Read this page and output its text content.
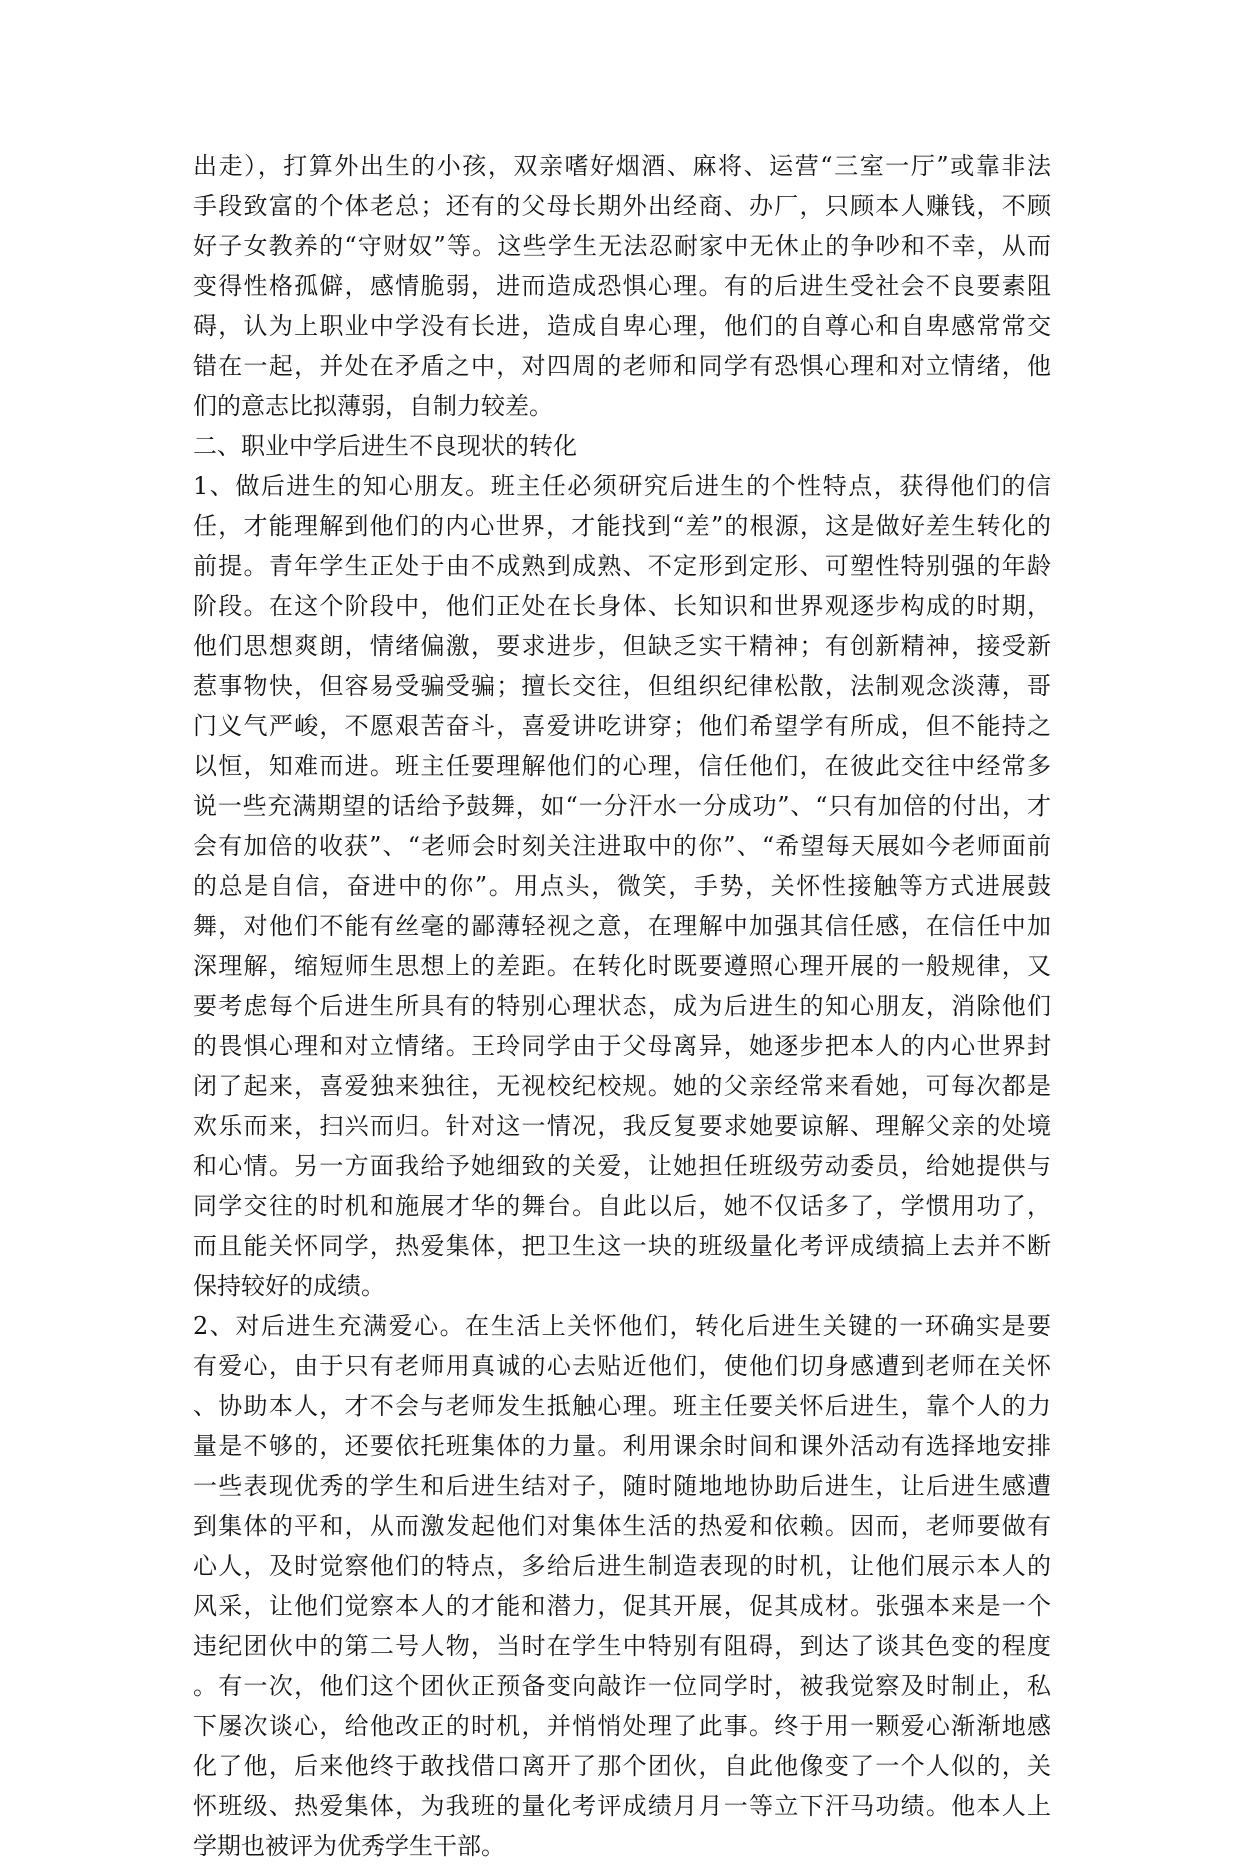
出走），打算外出生的小孩，双亲嗜好烟酒、麻将、运营“三室一厅”或靠非法
手段致富的个体老总；还有的父母长期外出经商、办厂，只顾本人赚钱，不顾
好子女教养的“守财奴”等。这些学生无法忍耐家中无休止的争吵和不幸，从而
变得性格孤僻，感情脆弱，进而造成恐惧心理。有的后进生受社会不良要素阻
碍，认为上职业中学没有长进，造成自卑心理，他们的自尊心和自卑感常常交
错在一起，并处在矛盾之中，对四周的老师和同学有恐惧心理和对立情绪，他
们的意志比拟薄弱，自制力较差。
二、职业中学后进生不良现状的转化
1、做后进生的知心朋友。班主任必须研究后进生的个性特点，获得他们的信
任，才能理解到他们的内心世界，才能找到“差”的根源，这是做好差生转化的
前提。青年学生正处于由不成熟到成熟、不定形到定形、可塑性特别强的年龄
阶段。在这个阶段中，他们正处在长身体、长知识和世界观逐步构成的时期，
他们思想爽朗，情绪偏激，要求进步，但缺乏实干精神；有创新精神，接受新
惹事物快，但容易受骗受骗；擅长交往，但组织纪律松散，法制观念淡薄，哥
门义气严峻，不愿艰苦奋斗，喜爱讲吃讲穿；他们希望学有所成，但不能持之
以恒，知难而进。班主任要理解他们的心理，信任他们，在彼此交往中经常多
说一些充满期望的话给予鼓舞，如“一分汗水一分成功”、“只有加倍的付出，才
会有加倍的收获”、“老师会时刻关注进取中的你”、“希望每天展如今老师面前
的总是自信，奋进中的你”。用点头，微笑，手势，关怀性接触等方式进展鼓
舞，对他们不能有丝毫的鄙薄轻视之意，在理解中加强其信任感，在信任中加
深理解，缩短师生思想上的差距。在转化时既要遵照心理开展的一般规律，又
要考虑每个后进生所具有的特别心理状态，成为后进生的知心朋友，消除他们
的畏惧心理和对立情绪。王玲同学由于父母离异，她逐步把本人的内心世界封
闭了起来，喜爱独来独往，无视校纪校规。她的父亲经常来看她，可每次都是
欢乐而来，扫兴而归。针对这一情况，我反复要求她要谅解、理解父亲的处境
和心情。另一方面我给予她细致的关爱，让她担任班级劳动委员，给她提供与
同学交往的时机和施展才华的舞台。自此以后，她不仅话多了，学惯用功了，
而且能关怀同学，热爱集体，把卫生这一块的班级量化考评成绩搞上去并不断
保持较好的成绩。
2、对后进生充满爱心。在生活上关怀他们，转化后进生关键的一环确实是要
有爱心，由于只有老师用真诚的心去贴近他们，使他们切身感遭到老师在关怀
、协助本人，才不会与老师发生抵触心理。班主任要关怀后进生，靠个人的力
量是不够的，还要依托班集体的力量。利用课余时间和课外活动有选择地安排
一些表现优秀的学生和后进生结对子，随时随地地协助后进生，让后进生感遭
到集体的平和，从而激发起他们对集体生活的热爱和依赖。因而，老师要做有
心人，及时觉察他们的特点，多给后进生制造表现的时机，让他们展示本人的
风采，让他们觉察本人的才能和潜力，促其开展，促其成材。张强本来是一个
违纪团伙中的第二号人物，当时在学生中特别有阻碍，到达了谈其色变的程度
。有一次，他们这个团伙正预备变向敲诈一位同学时，被我觉察及时制止，私
下屡次谈心，给他改正的时机，并悄悄处理了此事。终于用一颗爱心渐渐地感
化了他，后来他终于敢找借口离开了那个团伙，自此他像变了一个人似的，关
怀班级、热爱集体，为我班的量化考评成绩月月一等立下汗马功绩。他本人上
学期也被评为优秀学生干部。
